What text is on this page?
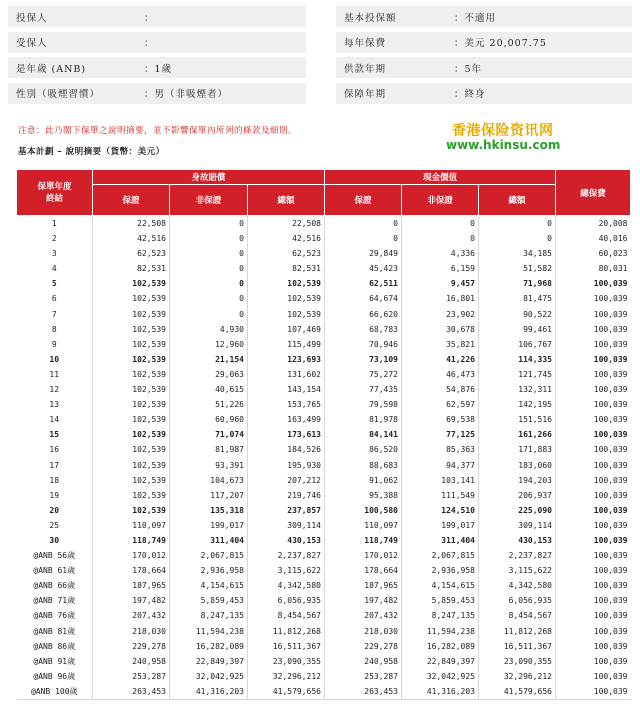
投保人	：
受保人	：
是年歲 (ANB)	：1歲
性別（吸煙習慣）	：男（非吸煙者）
基本投保額	：不適用
每年保費	：美元 20,007.75
供款年期	：5年
保障年期	：終身
注意：此乃閣下保單之說明摘要，並不影響保單內所列的條款及細則。
基本計劃 – 說明摘要（貨幣：美元）
香港保险资讯网
www.hkinsu.com
保單年度
終結	身故賠償			現金價值			總保費
	保證	非保證	總額	保證	非保證	總額	
1	22,508	0	22,508	0	0	0	20,008
2	42,516	0	42,516	0	0	0	40,016
3	62,523	0	62,523	29,849	4,336	34,185	60,023
4	82,531	0	82,531	45,423	6,159	51,582	80,031
5	102,539	0	102,539	62,511	9,457	71,968	100,039
6	102,539	0	102,539	64,674	16,801	81,475	100,039
7	102,539	0	102,539	66,620	23,902	90,522	100,039
8	102,539	4,930	107,469	68,783	30,678	99,461	100,039
9	102,539	12,960	115,499	70,946	35,821	106,767	100,039
10	102,539	21,154	123,693	73,109	41,226	114,335	100,039
11	102,539	29,063	131,602	75,272	46,473	121,745	100,039
12	102,539	40,615	143,154	77,435	54,876	132,311	100,039
13	102,539	51,226	153,765	79,598	62,597	142,195	100,039
14	102,539	60,960	163,499	81,978	69,538	151,516	100,039
15	102,539	71,074	173,613	84,141	77,125	161,266	100,039
16	102,539	81,987	184,526	86,520	85,363	171,883	100,039
17	102,539	93,391	195,930	88,683	94,377	183,060	100,039
18	102,539	104,673	207,212	91,062	103,141	194,203	100,039
19	102,539	117,207	219,746	95,388	111,549	206,937	100,039
20	102,539	135,318	237,857	100,580	124,510	225,090	100,039
25	110,097	199,017	309,114	110,097	199,017	309,114	100,039
30	118,749	311,404	430,153	118,749	311,404	430,153	100,039
@ANB 56歲	170,012	2,067,815	2,237,827	170,012	2,067,815	2,237,827	100,039
@ANB 61歲	178,664	2,936,958	3,115,622	178,664	2,936,958	3,115,622	100,039
@ANB 66歲	187,965	4,154,615	4,342,580	187,965	4,154,615	4,342,580	100,039
@ANB 71歲	197,482	5,859,453	6,056,935	197,482	5,859,453	6,056,935	100,039
@ANB 76歲	207,432	8,247,135	8,454,567	207,432	8,247,135	8,454,567	100,039
@ANB 81歲	218,030	11,594,238	11,812,268	218,030	11,594,238	11,812,268	100,039
@ANB 86歲	229,278	16,282,089	16,511,367	229,278	16,282,089	16,511,367	100,039
@ANB 91歲	240,958	22,849,397	23,090,355	240,958	22,849,397	23,090,355	100,039
@ANB 96歲	253,287	32,042,925	32,296,212	253,287	32,042,925	32,296,212	100,039
@ANB 100歲	263,453	41,316,203	41,579,656	263,453	41,316,203	41,579,656	100,039
